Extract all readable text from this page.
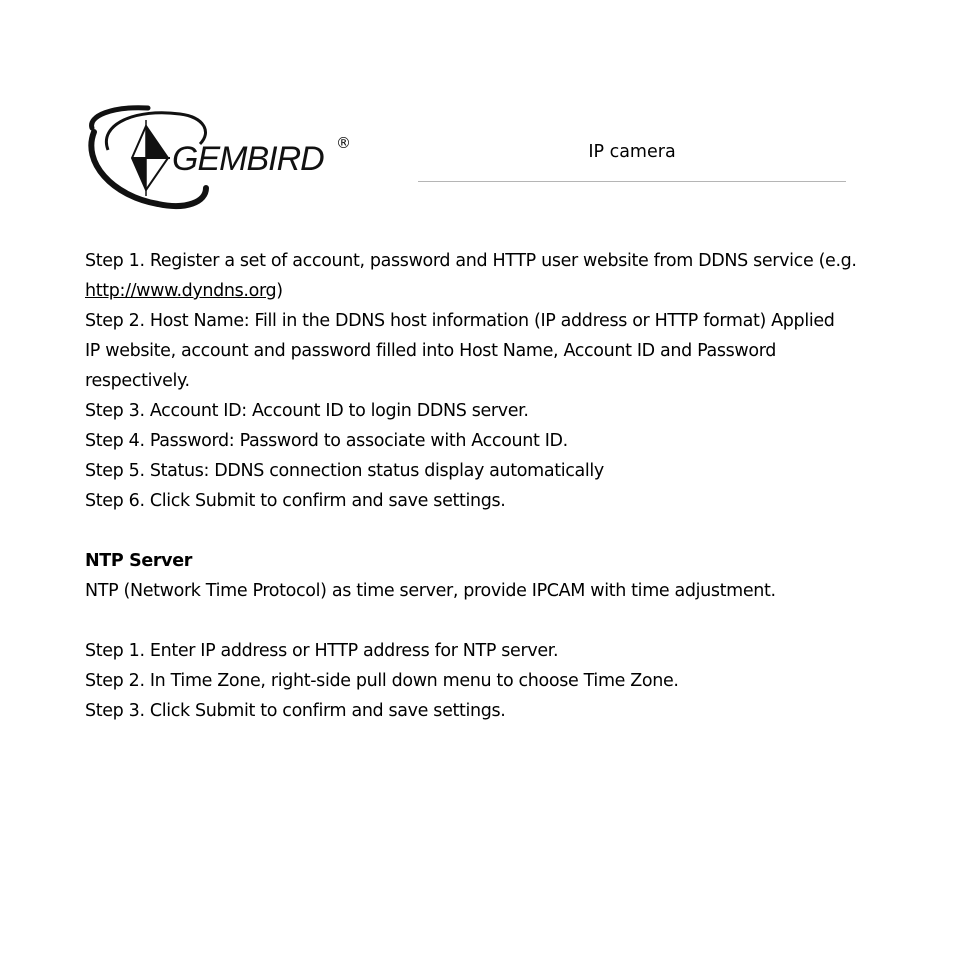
GEMBIRD ®	IP camera

Step 1. Register a set of account, password and HTTP user website from DDNS service (e.g.

http://www.dyndns.org)

Step 2. Host Name: Fill in the DDNS host information (IP address or HTTP format) Applied

IP website, account and password filled into Host Name, Account ID and Password

respectively.

Step 3. Account ID: Account ID to login DDNS server.

Step 4. Password: Password to associate with Account ID.

Step 5. Status: DDNS connection status display automatically

Step 6. Click Submit to confirm and save settings.

NTP Server

NTP (Network Time Protocol) as time server, provide IPCAM with time adjustment.

Step 1. Enter IP address or HTTP address for NTP server.

Step 2. In Time Zone, right-side pull down menu to choose Time Zone.

Step 3. Click Submit to confirm and save settings.
